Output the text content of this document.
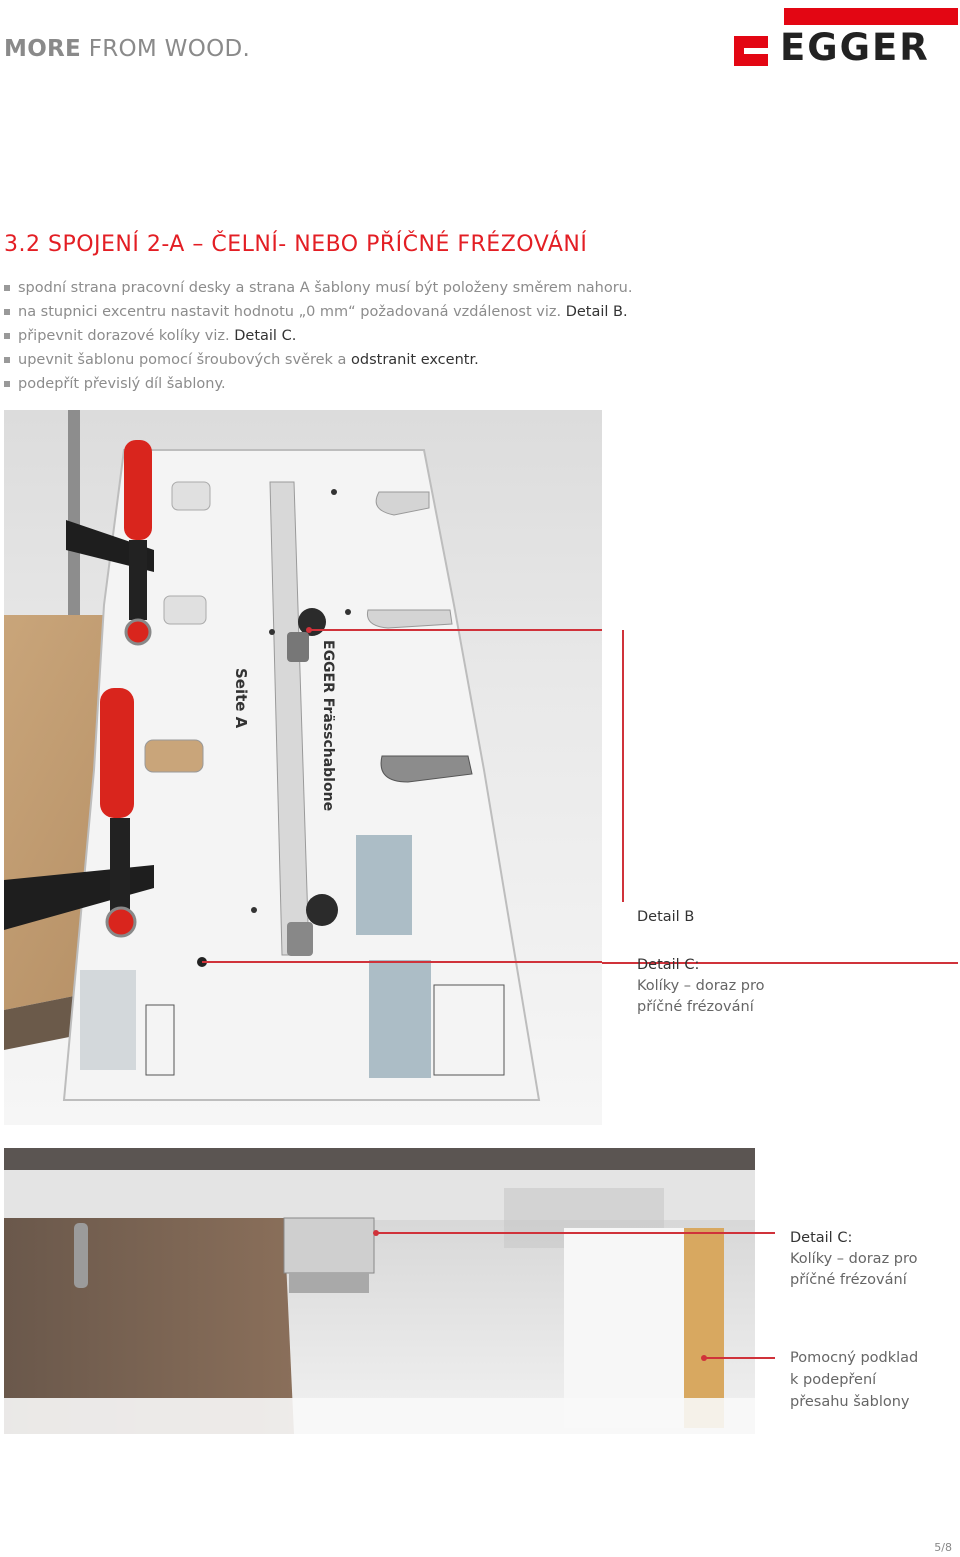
MORE FROM WOOD.	EGGER
3.2 SPOJENÍ 2-A – ČELNÍ- NEBO PŘÍČNÉ FRÉZOVÁNÍ
spodní strana pracovní desky a strana A šablony musí být položeny směrem nahoru.
na stupnici excentru nastavit hodnotu „0 mm“ požadovaná vzdálenost viz. Detail B.
připevnit dorazové kolíky viz. Detail C.
upevnit šablonu pomocí šroubových svěrek a odstranit excentr.
podepřít převislý díl šablony.
EGGER Frässchablone
Seite A
Detail B
Detail C:
Kolíky – doraz pro
příčné frézování
Detail C:
Kolíky – doraz pro
příčné frézování
Pomocný podklad
k podepření
přesahu šablony
5/8
